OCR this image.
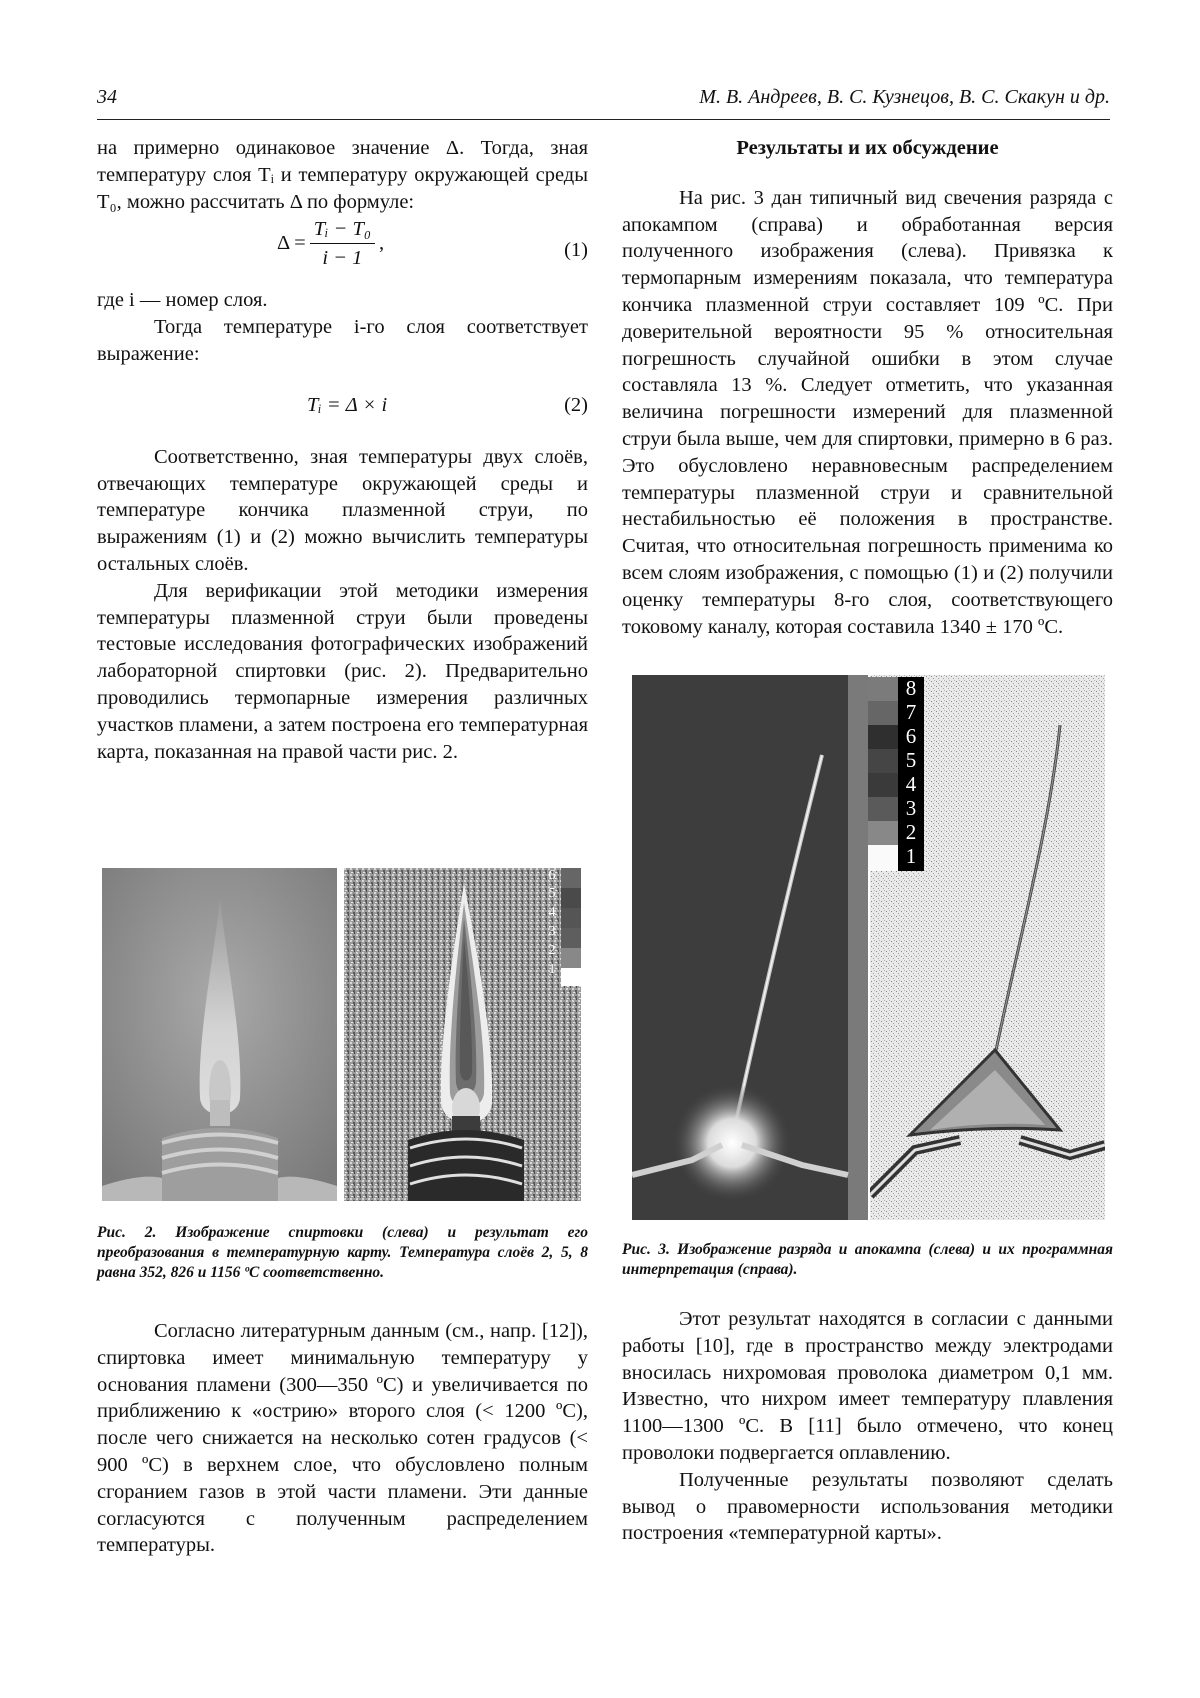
34	М. В. Андреев, В. С. Кузнецов, В. С. Скакун и др.

на примерно одинаковое значение Δ. Тогда, зная температуру слоя Tᵢ и температуру окружающей среды T₀, можно рассчитать Δ по формуле:

$\Delta = \frac{\text{Tᵢ − T₀}}{i - 1}$ ,	(1)

где i — номер слоя.

Тогда температуре i-го слоя соответствует выражение:

Tᵢ = Δ × i	(2)

Соответственно, зная температуры двух слоёв, отвечающих температуре окружающей среды и температуре кончика плазменной струи, по выражениям (1) и (2) можно вычислить температуры остальных слоёв.

Для верификации этой методики измерения температуры плазменной струи были проведены тестовые исследования фотографических изображений лабораторной спиртовки (рис. 2). Предварительно проводились термопарные измерения различных участков пламени, а затем построена его температурная карта, показанная на правой части рис. 2.

Результаты и их обсуждение

На рис. 3 дан типичный вид свечения разряда с апокампом (справа) и обработанная версия полученного изображения (слева). Привязка к термопарным измерениям показала, что температура кончика плазменной струи составляет 109 ºС. При доверительной вероятности 95 % относительная погрешность случайной ошибки в этом случае составляла 13 %. Следует отметить, что указанная величина погрешности измерений для плазменной струи была выше, чем для спиртовки, примерно в 6 раз. Это обусловлено неравновесным распределением температуры плазменной струи и сравнительной нестабильностью её положения в пространстве. Считая, что относительная погрешность применима ко всем слоям изображения, с помощью (1) и (2) получили оценку температуры 8-го слоя, соответствующего токовому каналу, которая составила 1340 ± 170 ºС.

6
5
4
3
2
1
Рис. 2. Изображение спиртовки (слева) и результат его преобразования в температурную карту. Температура слоёв 2, 5, 8 равна 352, 826 и 1156 ºС соответственно.
8
7
6
5
4
3
2
1
Рис. 3. Изображение разряда и апокампа (слева) и их программная интерпретация (справа).

Согласно литературным данным (см., напр. [12]), спиртовка имеет минимальную температуру у основания пламени (300—350 ºС) и увеличивается по приближению к «острию» второго слоя (< 1200 ºС), после чего снижается на несколько сотен градусов (< 900 ºС) в верхнем слое, что обусловлено полным сгоранием газов в этой части пламени. Эти данные согласуются с полученным распределением температуры.

Этот результат находятся в согласии с данными работы [10], где в пространство между электродами вносилась нихромовая проволока диаметром 0,1 мм. Известно, что нихром имеет температуру плавления 1100—1300 ºС. В [11] было отмечено, что конец проволоки подвергается оплавлению.

Полученные результаты позволяют сделать вывод о правомерности использования методики построения «температурной карты».
